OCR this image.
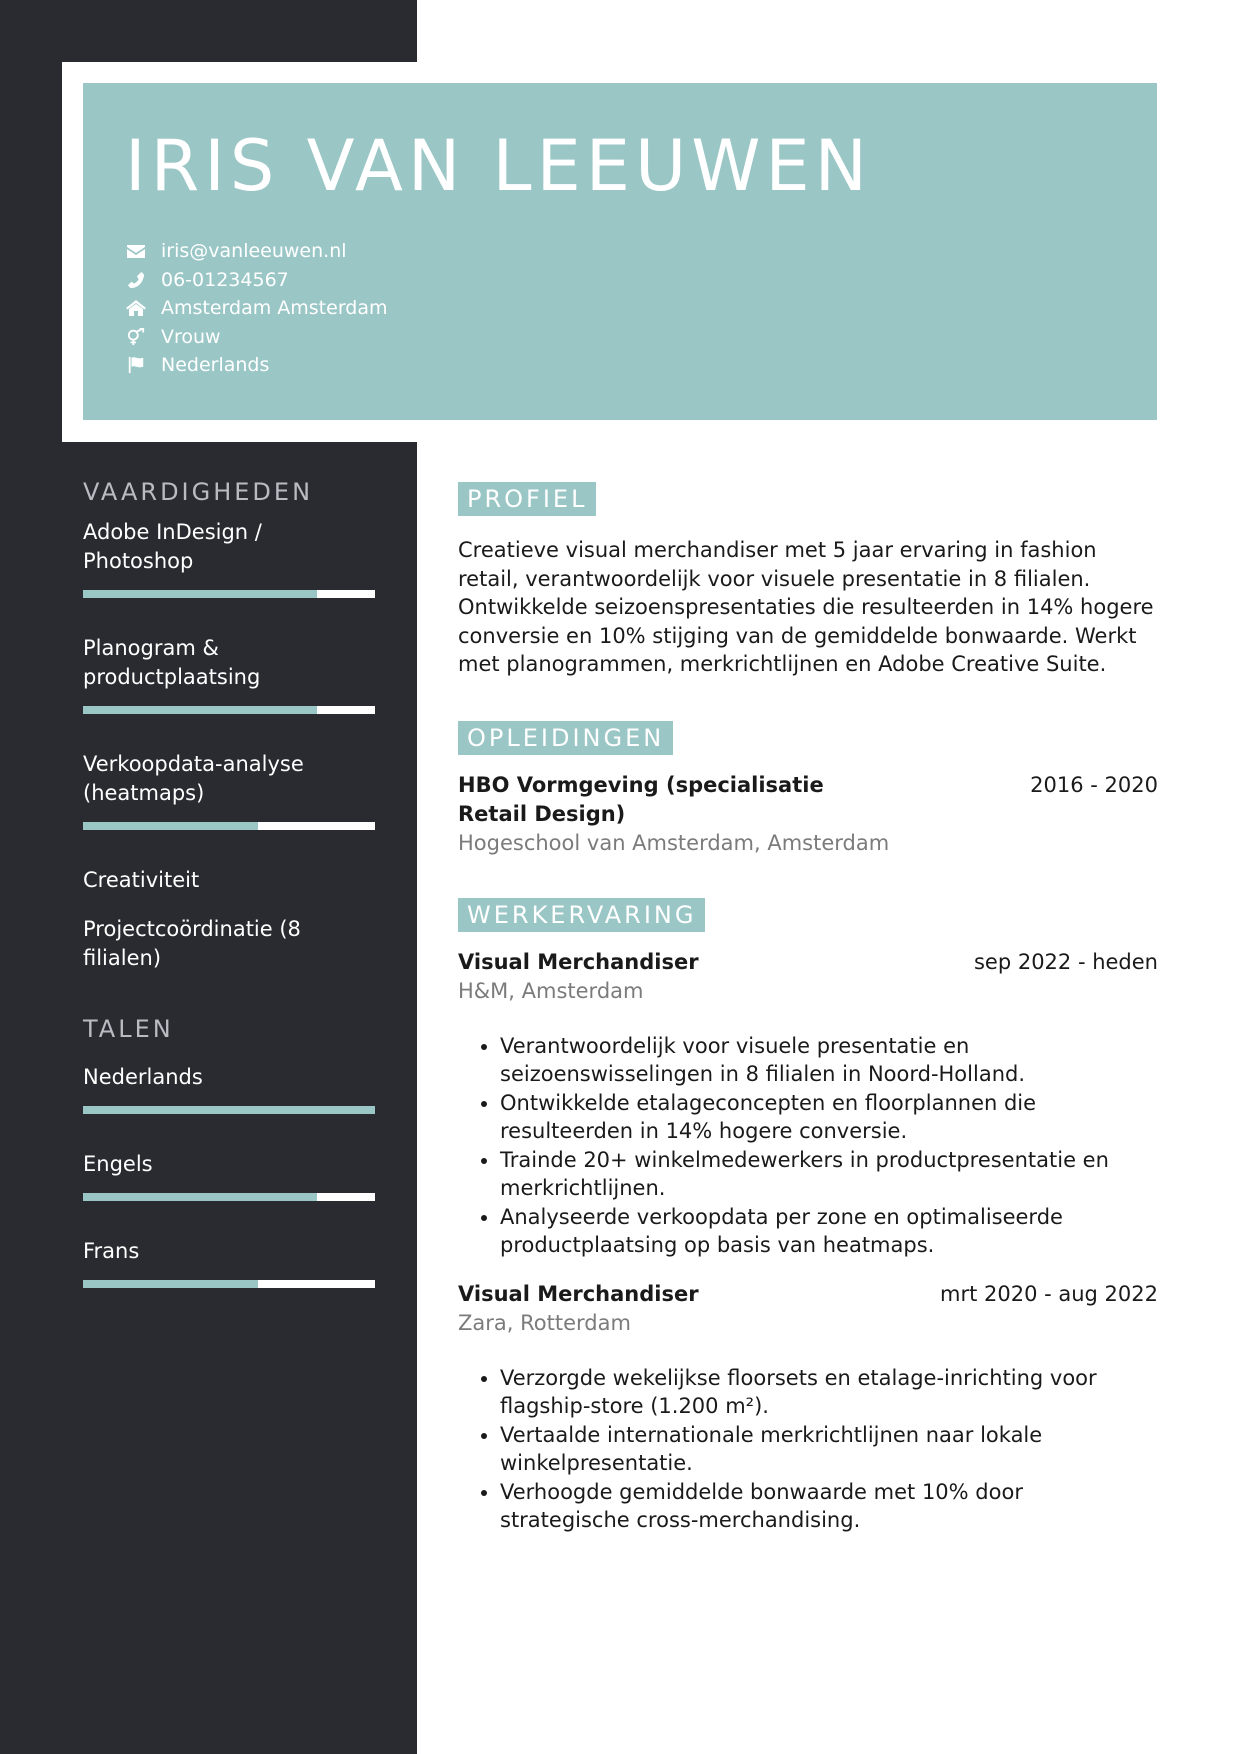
IRIS VAN LEEUWEN
iris@vanleeuwen.nl
06-01234567
Amsterdam Amsterdam
Vrouw
Nederlands
VAARDIGHEDEN
Adobe InDesign / Photoshop
Planogram & productplaatsing
Verkoopdata-analyse (heatmaps)
Creativiteit
Projectcoördinatie (8 filialen)
TALEN
Nederlands
Engels
Frans
PROFIEL

Creatieve visual merchandiser met 5 jaar ervaring in fashion retail, verantwoordelijk voor visuele presentatie in 8 filialen. Ontwikkelde seizoenspresentaties die resulteerden in 14% hogere conversie en 10% stijging van de gemiddelde bonwaarde. Werkt met planogrammen, merkrichtlijnen en Adobe Creative Suite.

OPLEIDINGEN
HBO Vormgeving (specialisatie Retail Design)
2016 - 2020
Hogeschool van Amsterdam, Amsterdam
WERKERVARING
Visual Merchandiser	sep 2022 - heden
H&M, Amsterdam
• Verantwoordelijk voor visuele presentatie en seizoenswisselingen in 8 filialen in Noord-Holland.
• Ontwikkelde etalageconcepten en floorplannen die resulteerden in 14% hogere conversie.
• Trainde 20+ winkelmedewerkers in productpresentatie en merkrichtlijnen.
• Analyseerde verkoopdata per zone en optimaliseerde productplaatsing op basis van heatmaps.
Visual Merchandiser	mrt 2020 - aug 2022
Zara, Rotterdam
• Verzorgde wekelijkse floorsets en etalage-inrichting voor flagship-store (1.200 m²).
• Vertaalde internationale merkrichtlijnen naar lokale winkelpresentatie.
• Verhoogde gemiddelde bonwaarde met 10% door strategische cross-merchandising.
